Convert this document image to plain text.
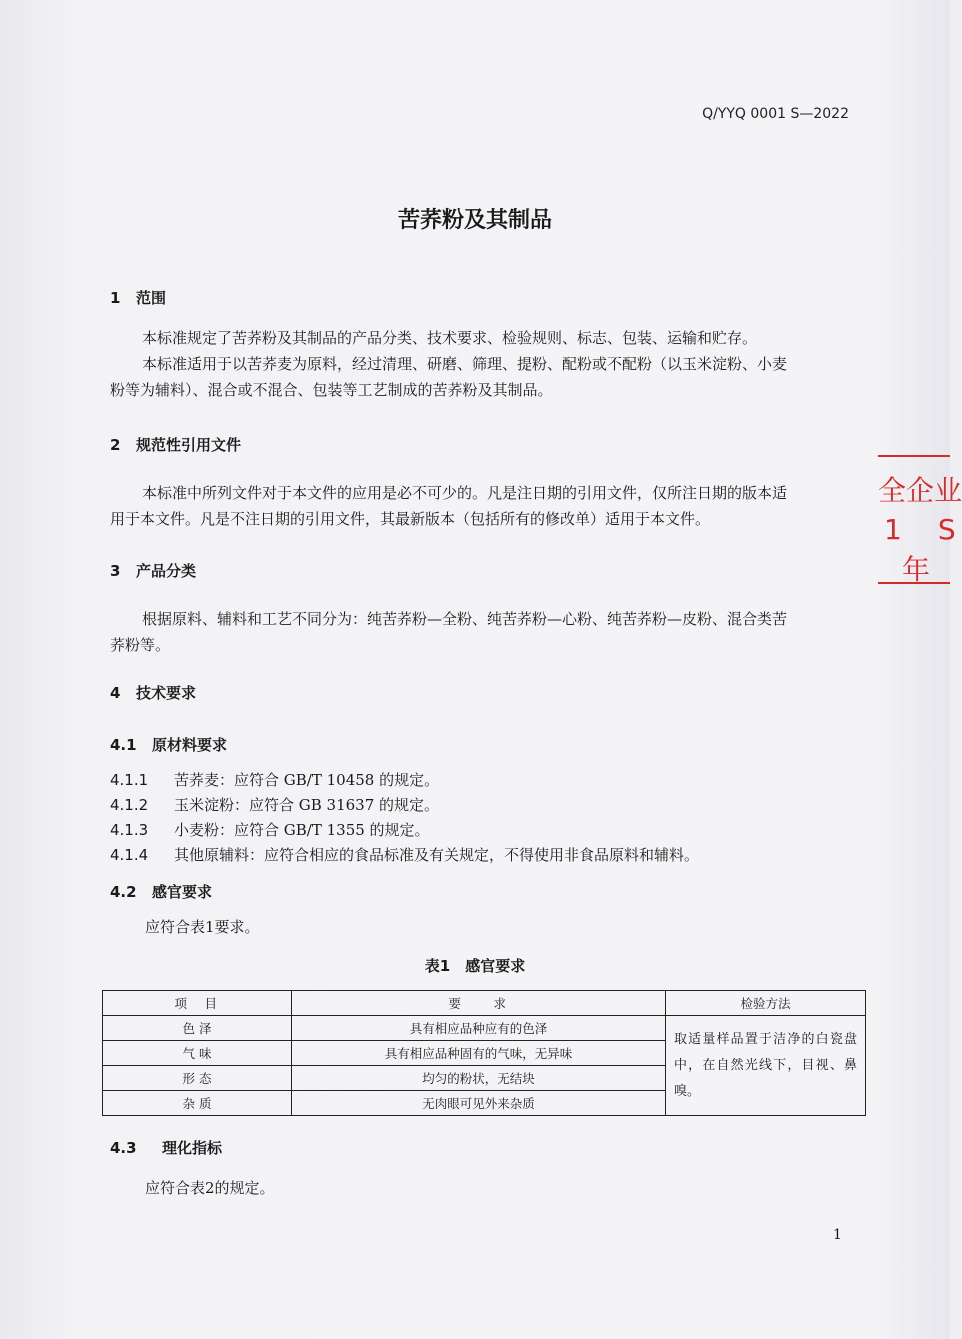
Q/YYQ 0001 S—2022
苦荞粉及其制品
1 范围
本标准规定了苦荞粉及其制品的产品分类、技术要求、检验规则、标志、包装、运输和贮存。
本标准适用于以苦荞麦为原料，经过清理、研磨、筛理、提粉、配粉或不配粉（以玉米淀粉、小麦
粉等为辅料）、混合或不混合、包装等工艺制成的苦荞粉及其制品。
2 规范性引用文件
本标准中所列文件对于本文件的应用是必不可少的。凡是注日期的引用文件，仅所注日期的版本适
用于本文件。凡是不注日期的引用文件，其最新版本（包括所有的修改单）适用于本文件。
3 产品分类
根据原料、辅料和工艺不同分为：纯苦荞粉—全粉、纯苦荞粉—心粉、纯苦荞粉—皮粉、混合类苦
荞粉等。
4 技术要求
4.1 原材料要求
4.1.1 苦荞麦：应符合 GB/T 10458 的规定。
4.1.2 玉米淀粉：应符合 GB 31637 的规定。
4.1.3 小麦粉：应符合 GB/T 1355 的规定。
4.1.4 其他原辅料：应符合相应的食品标准及有关规定，不得使用非食品原料和辅料。
4.2 感官要求
应符合表1要求。
表1　感官要求
项　目	要　　求	检验方法
色 泽	具有相应品种应有的色泽	取适量样品置于洁净的白瓷盘中，在自然光线下，目视、鼻嗅。
气 味	具有相应品种固有的气味，无异味	
形 态	均匀的粉状，无结块	
杂 质	无肉眼可见外来杂质	
4.3 理化指标
应符合表2的规定。
全企业
1 S
年
1
